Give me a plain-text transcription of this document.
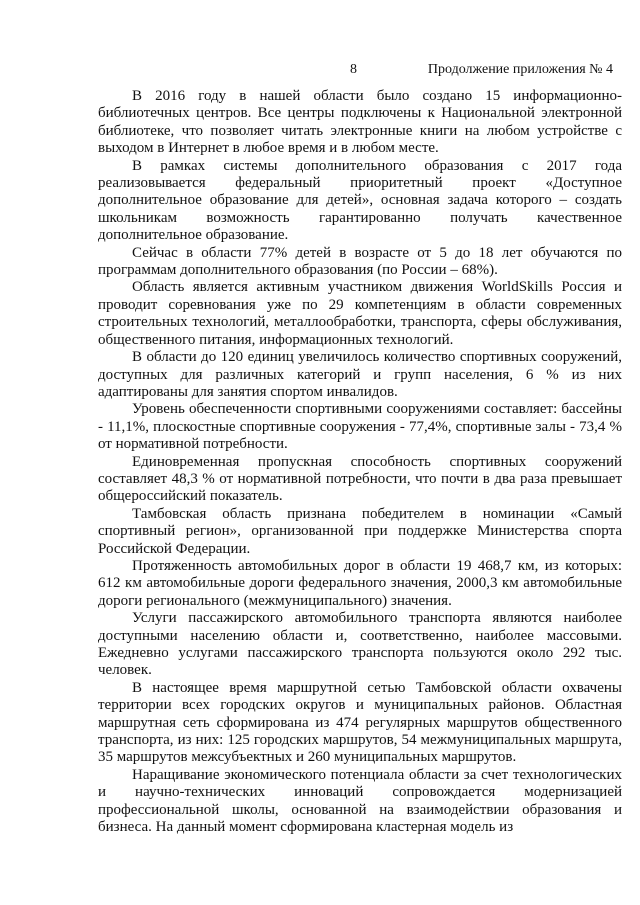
8	Продолжение приложения № 4

В 2016 году в нашей области было создано 15 информационно-библиотечных центров. Все центры подключены к Национальной электронной библиотеке, что позволяет читать электронные книги на любом устройстве с выходом в Интернет в любое время и в любом месте.

В рамках системы дополнительного образования с 2017 года реализовывается федеральный приоритетный проект «Доступное дополнительное образование для детей», основная задача которого – создать школьникам возможность гарантированно получать качественное дополнительное образование.

Сейчас в области 77% детей в возрасте от 5 до 18 лет обучаются по программам дополнительного образования (по России – 68%).

Область является активным участником движения WorldSkills Россия и проводит соревнования уже по 29 компетенциям в области современных строительных технологий, металлообработки, транспорта, сферы обслуживания, общественного питания, информационных технологий.

В области до 120 единиц увеличилось количество спортивных сооружений, доступных для различных категорий и групп населения, 6 % из них адаптированы для занятия спортом инвалидов.

Уровень обеспеченности спортивными сооружениями составляет: бассейны - 11,1%, плоскостные спортивные сооружения - 77,4%, спортивные залы - 73,4 % от нормативной потребности.

Единовременная пропускная способность спортивных сооружений составляет 48,3 % от нормативной потребности, что почти в два раза превышает общероссийский показатель.

Тамбовская область признана победителем в номинации «Самый спортивный регион», организованной при поддержке Министерства спорта Российской Федерации.

Протяженность автомобильных дорог в области 19 468,7 км, из которых: 612 км автомобильные дороги федерального значения, 2000,3 км автомобильные дороги регионального (межмуниципального) значения.

Услуги пассажирского автомобильного транспорта являются наиболее доступными населению области и, соответственно, наиболее массовыми. Ежедневно услугами пассажирского транспорта пользуются около 292 тыс. человек.

В настоящее время маршрутной сетью Тамбовской области охвачены территории всех городских округов и муниципальных районов. Областная маршрутная сеть сформирована из 474 регулярных маршрутов общественного транспорта, из них: 125 городских маршрутов, 54 межмуниципальных маршрута, 35 маршрутов межсубъектных и 260 муниципальных маршрутов.

Наращивание экономического потенциала области за счет технологических и научно-технических инноваций сопровождается модернизацией профессиональной школы, основанной на взаимодействии образования и бизнеса. На данный момент сформирована кластерная модель из
